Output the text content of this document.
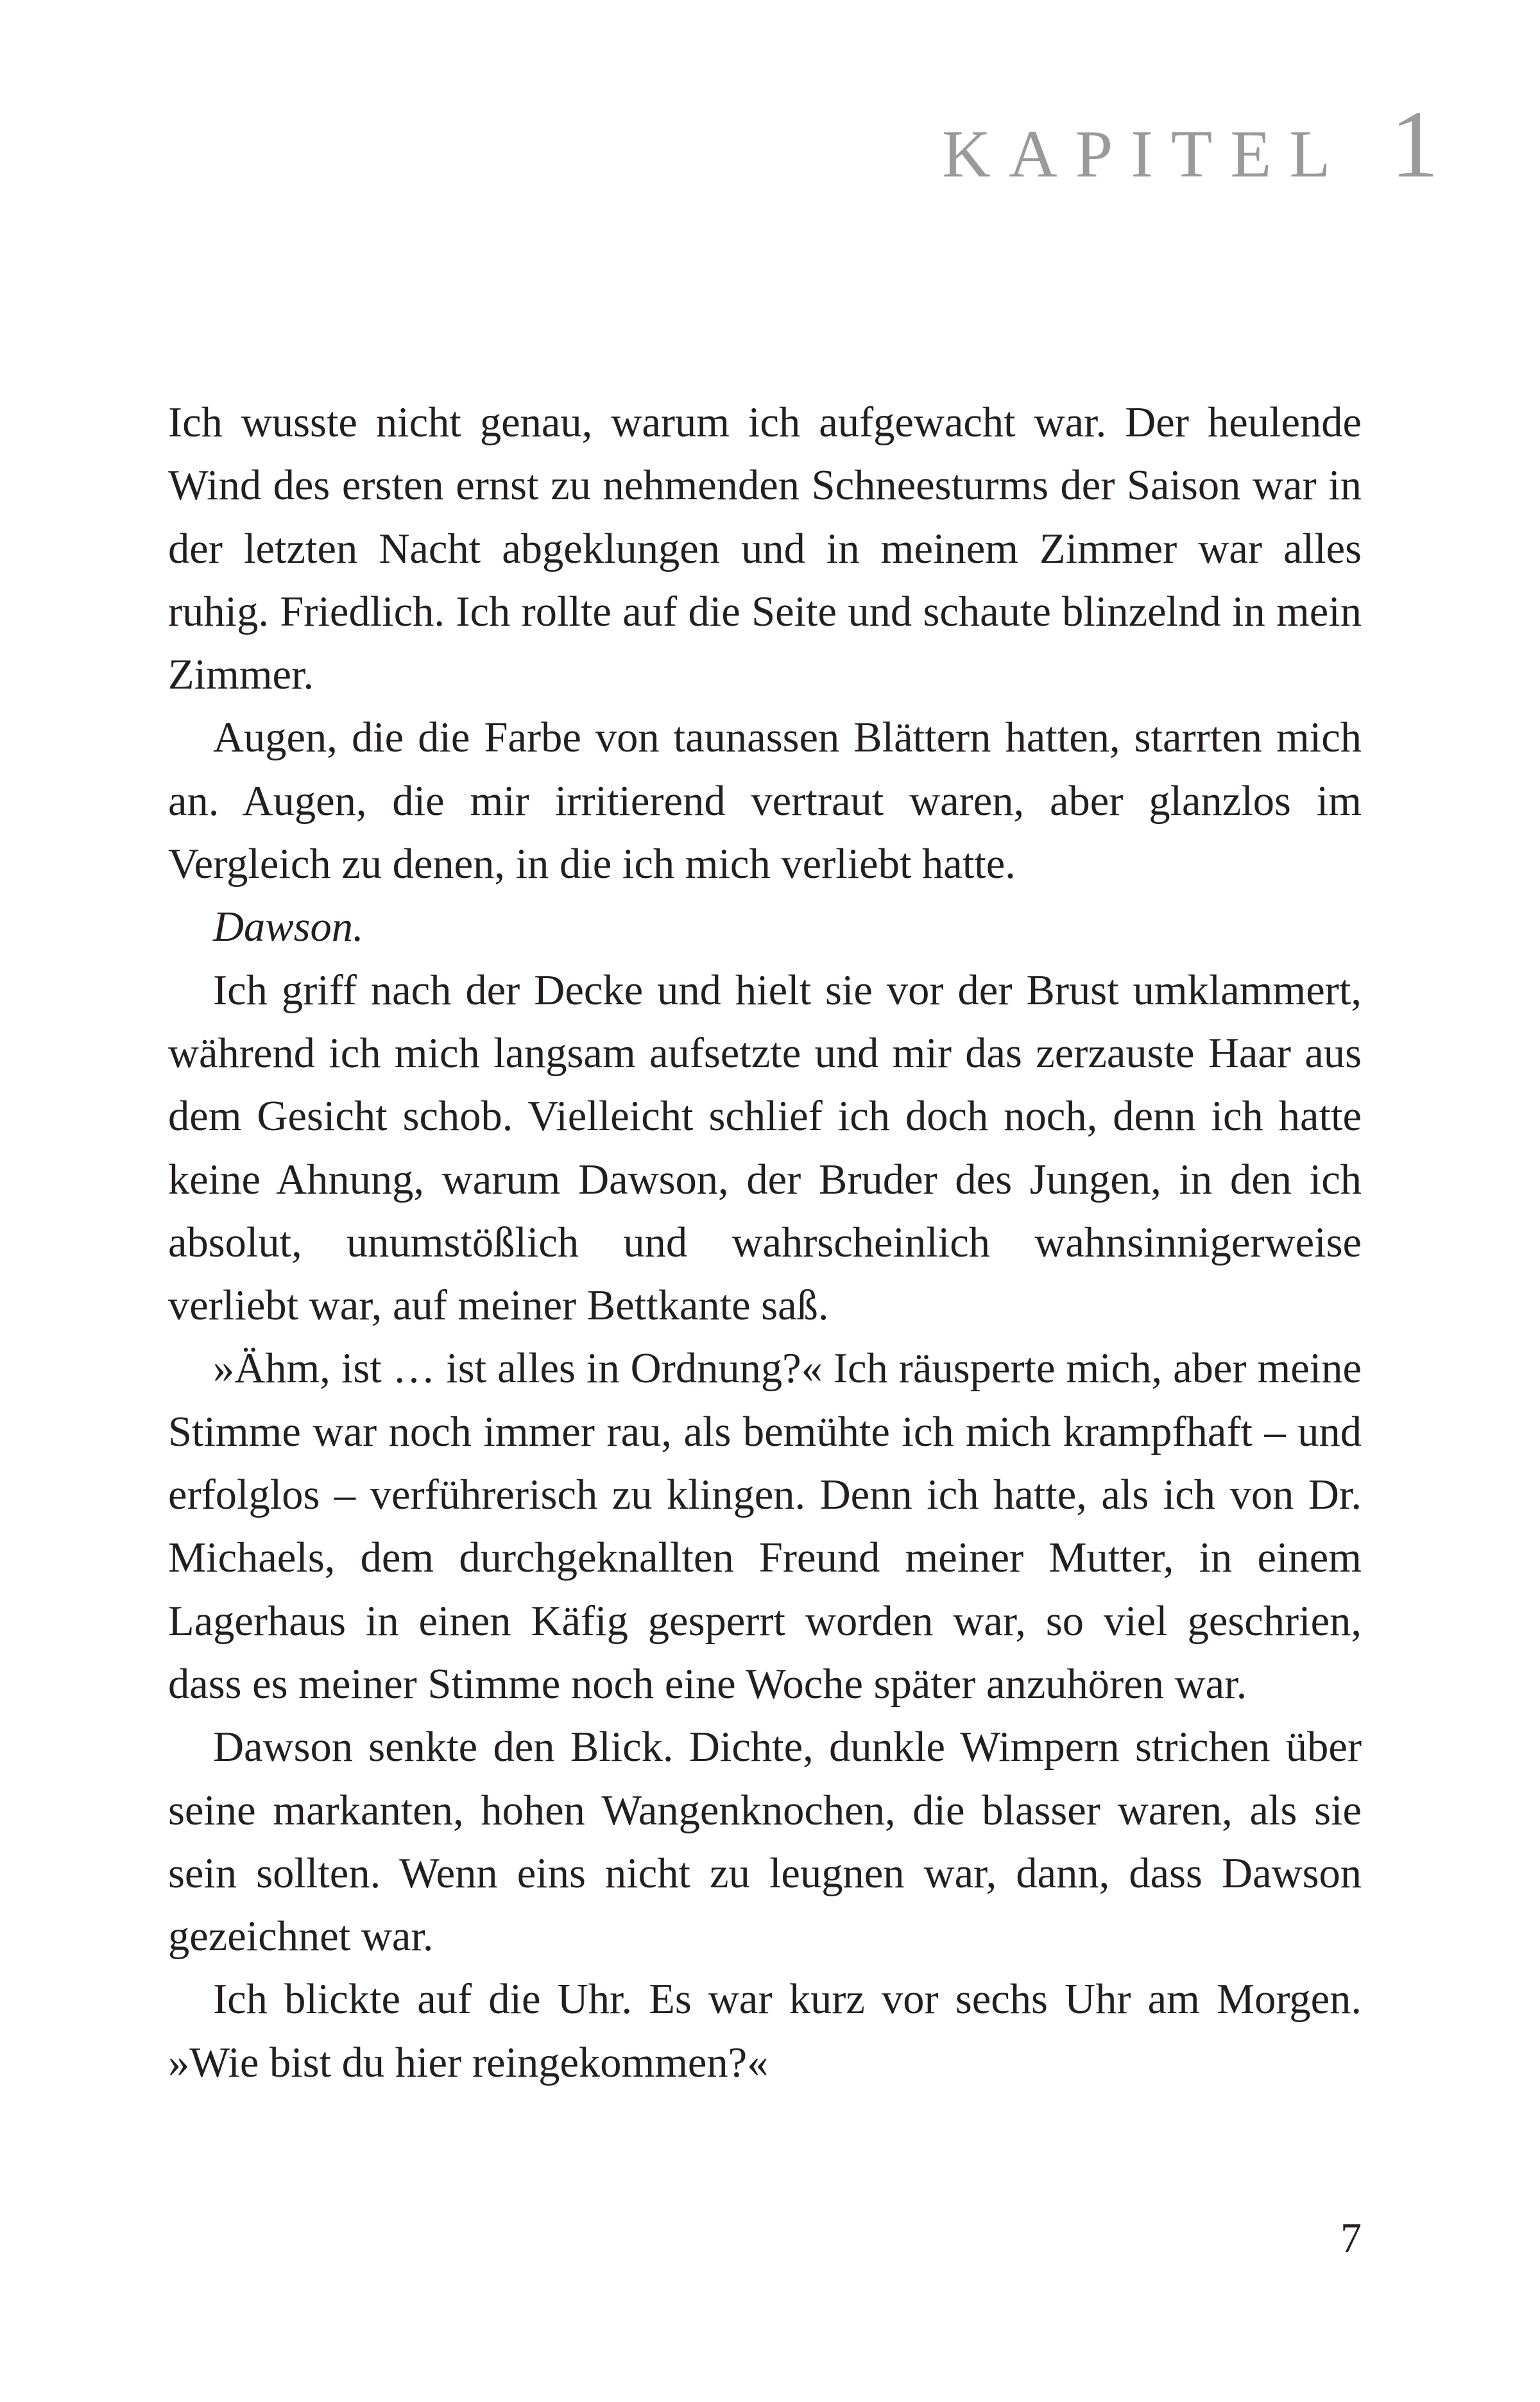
kapitel 1

Ich wusste nicht genau, warum ich aufgewacht war. Der heulende Wind des ersten ernst zu nehmenden Schneesturms der Saison war in der letzten Nacht abgeklungen und in meinem Zimmer war alles ruhig. Friedlich. Ich rollte auf die Seite und schaute blinzelnd in mein Zimmer.

Augen, die die Farbe von taunassen Blättern hatten, starrten mich an. Augen, die mir irritierend vertraut waren, aber glanzlos im Vergleich zu denen, in die ich mich verliebt hatte.

Dawson.

Ich griff nach der Decke und hielt sie vor der Brust umklammert, während ich mich langsam aufsetzte und mir das zerzauste Haar aus dem Gesicht schob. Vielleicht schlief ich doch noch, denn ich hatte keine Ahnung, warum Dawson, der Bruder des Jungen, in den ich absolut, unumstößlich und wahrscheinlich wahnsinnigerweise verliebt war, auf meiner Bettkante saß.

»Ähm, ist … ist alles in Ordnung?« Ich räusperte mich, aber meine Stimme war noch immer rau, als bemühte ich mich krampfhaft – und erfolglos – verführerisch zu klingen. Denn ich hatte, als ich von Dr. Michaels, dem durchgeknallten Freund meiner Mutter, in einem Lagerhaus in einen Käfig gesperrt worden war, so viel geschrien, dass es meiner Stimme noch eine Woche später anzuhören war.

Dawson senkte den Blick. Dichte, dunkle Wimpern strichen über seine markanten, hohen Wangenknochen, die blasser waren, als sie sein sollten. Wenn eins nicht zu leugnen war, dann, dass Dawson gezeichnet war.

Ich blickte auf die Uhr. Es war kurz vor sechs Uhr am Morgen. »Wie bist du hier reingekommen?«

7
